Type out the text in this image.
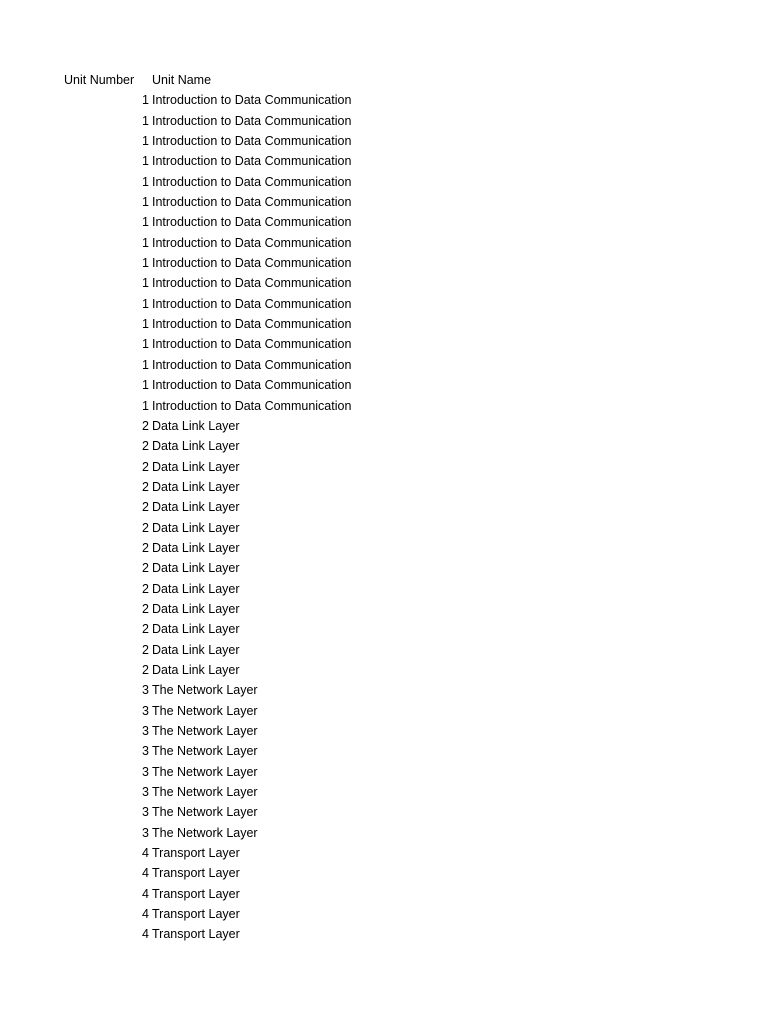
Unit Number Unit Name
1 Introduction to Data Communication
1 Introduction to Data Communication
1 Introduction to Data Communication
1 Introduction to Data Communication
1 Introduction to Data Communication
1 Introduction to Data Communication
1 Introduction to Data Communication
1 Introduction to Data Communication
1 Introduction to Data Communication
1 Introduction to Data Communication
1 Introduction to Data Communication
1 Introduction to Data Communication
1 Introduction to Data Communication
1 Introduction to Data Communication
1 Introduction to Data Communication
1 Introduction to Data Communication
2 Data Link Layer
2 Data Link Layer
2 Data Link Layer
2 Data Link Layer
2 Data Link Layer
2 Data Link Layer
2 Data Link Layer
2 Data Link Layer
2 Data Link Layer
2 Data Link Layer
2 Data Link Layer
2 Data Link Layer
2 Data Link Layer
3 The Network Layer
3 The Network Layer
3 The Network Layer
3 The Network Layer
3 The Network Layer
3 The Network Layer
3 The Network Layer
3 The Network Layer
4 Transport Layer
4 Transport Layer
4 Transport Layer
4 Transport Layer
4 Transport Layer
